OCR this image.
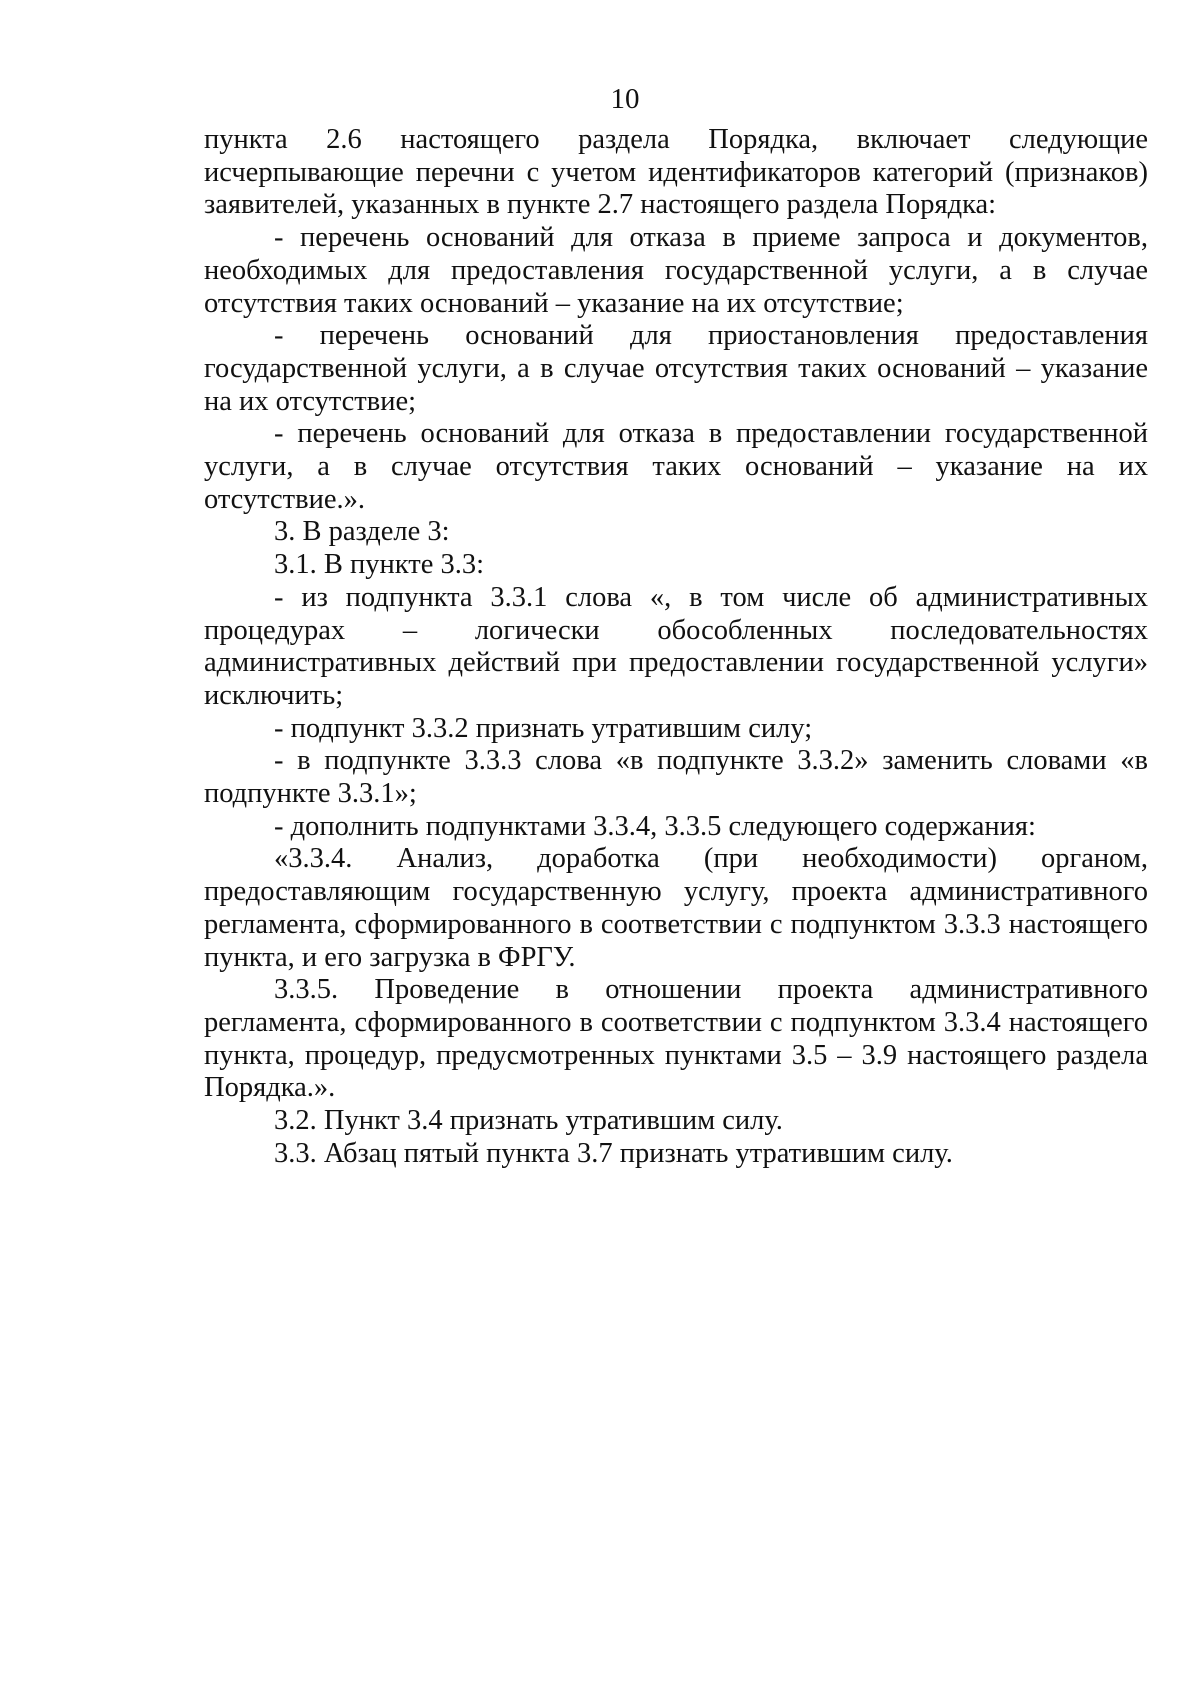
10

пункта 2.6 настоящего раздела Порядка, включает следующие исчерпывающие перечни с учетом идентификаторов категорий (признаков) заявителей, указанных в пункте 2.7 настоящего раздела Порядка:

- перечень оснований для отказа в приеме запроса и документов, необходимых для предоставления государственной услуги, а в случае отсутствия таких оснований – указание на их отсутствие;

- перечень оснований для приостановления предоставления государственной услуги, а в случае отсутствия таких оснований – указание на их отсутствие;

- перечень оснований для отказа в предоставлении государственной услуги, а в случае отсутствия таких оснований – указание на их отсутствие.».

3. В разделе 3:

3.1. В пункте 3.3:

- из подпункта 3.3.1 слова «, в том числе об административных процедурах – логически обособленных последовательностях административных действий при предоставлении государственной услуги» исключить;

- подпункт 3.3.2 признать утратившим силу;

- в подпункте 3.3.3 слова «в подпункте 3.3.2» заменить словами «в подпункте 3.3.1»;

- дополнить подпунктами 3.3.4, 3.3.5 следующего содержания:

«3.3.4. Анализ, доработка (при необходимости) органом, предоставляющим государственную услугу, проекта административного регламента, сформированного в соответствии с подпунктом 3.3.3 настоящего пункта, и его загрузка в ФРГУ.

3.3.5. Проведение в отношении проекта административного регламента, сформированного в соответствии с подпунктом 3.3.4 настоящего пункта, процедур, предусмотренных пунктами 3.5 – 3.9 настоящего раздела Порядка.».

3.2. Пункт 3.4 признать утратившим силу.

3.3. Абзац пятый пункта 3.7 признать утратившим силу.
